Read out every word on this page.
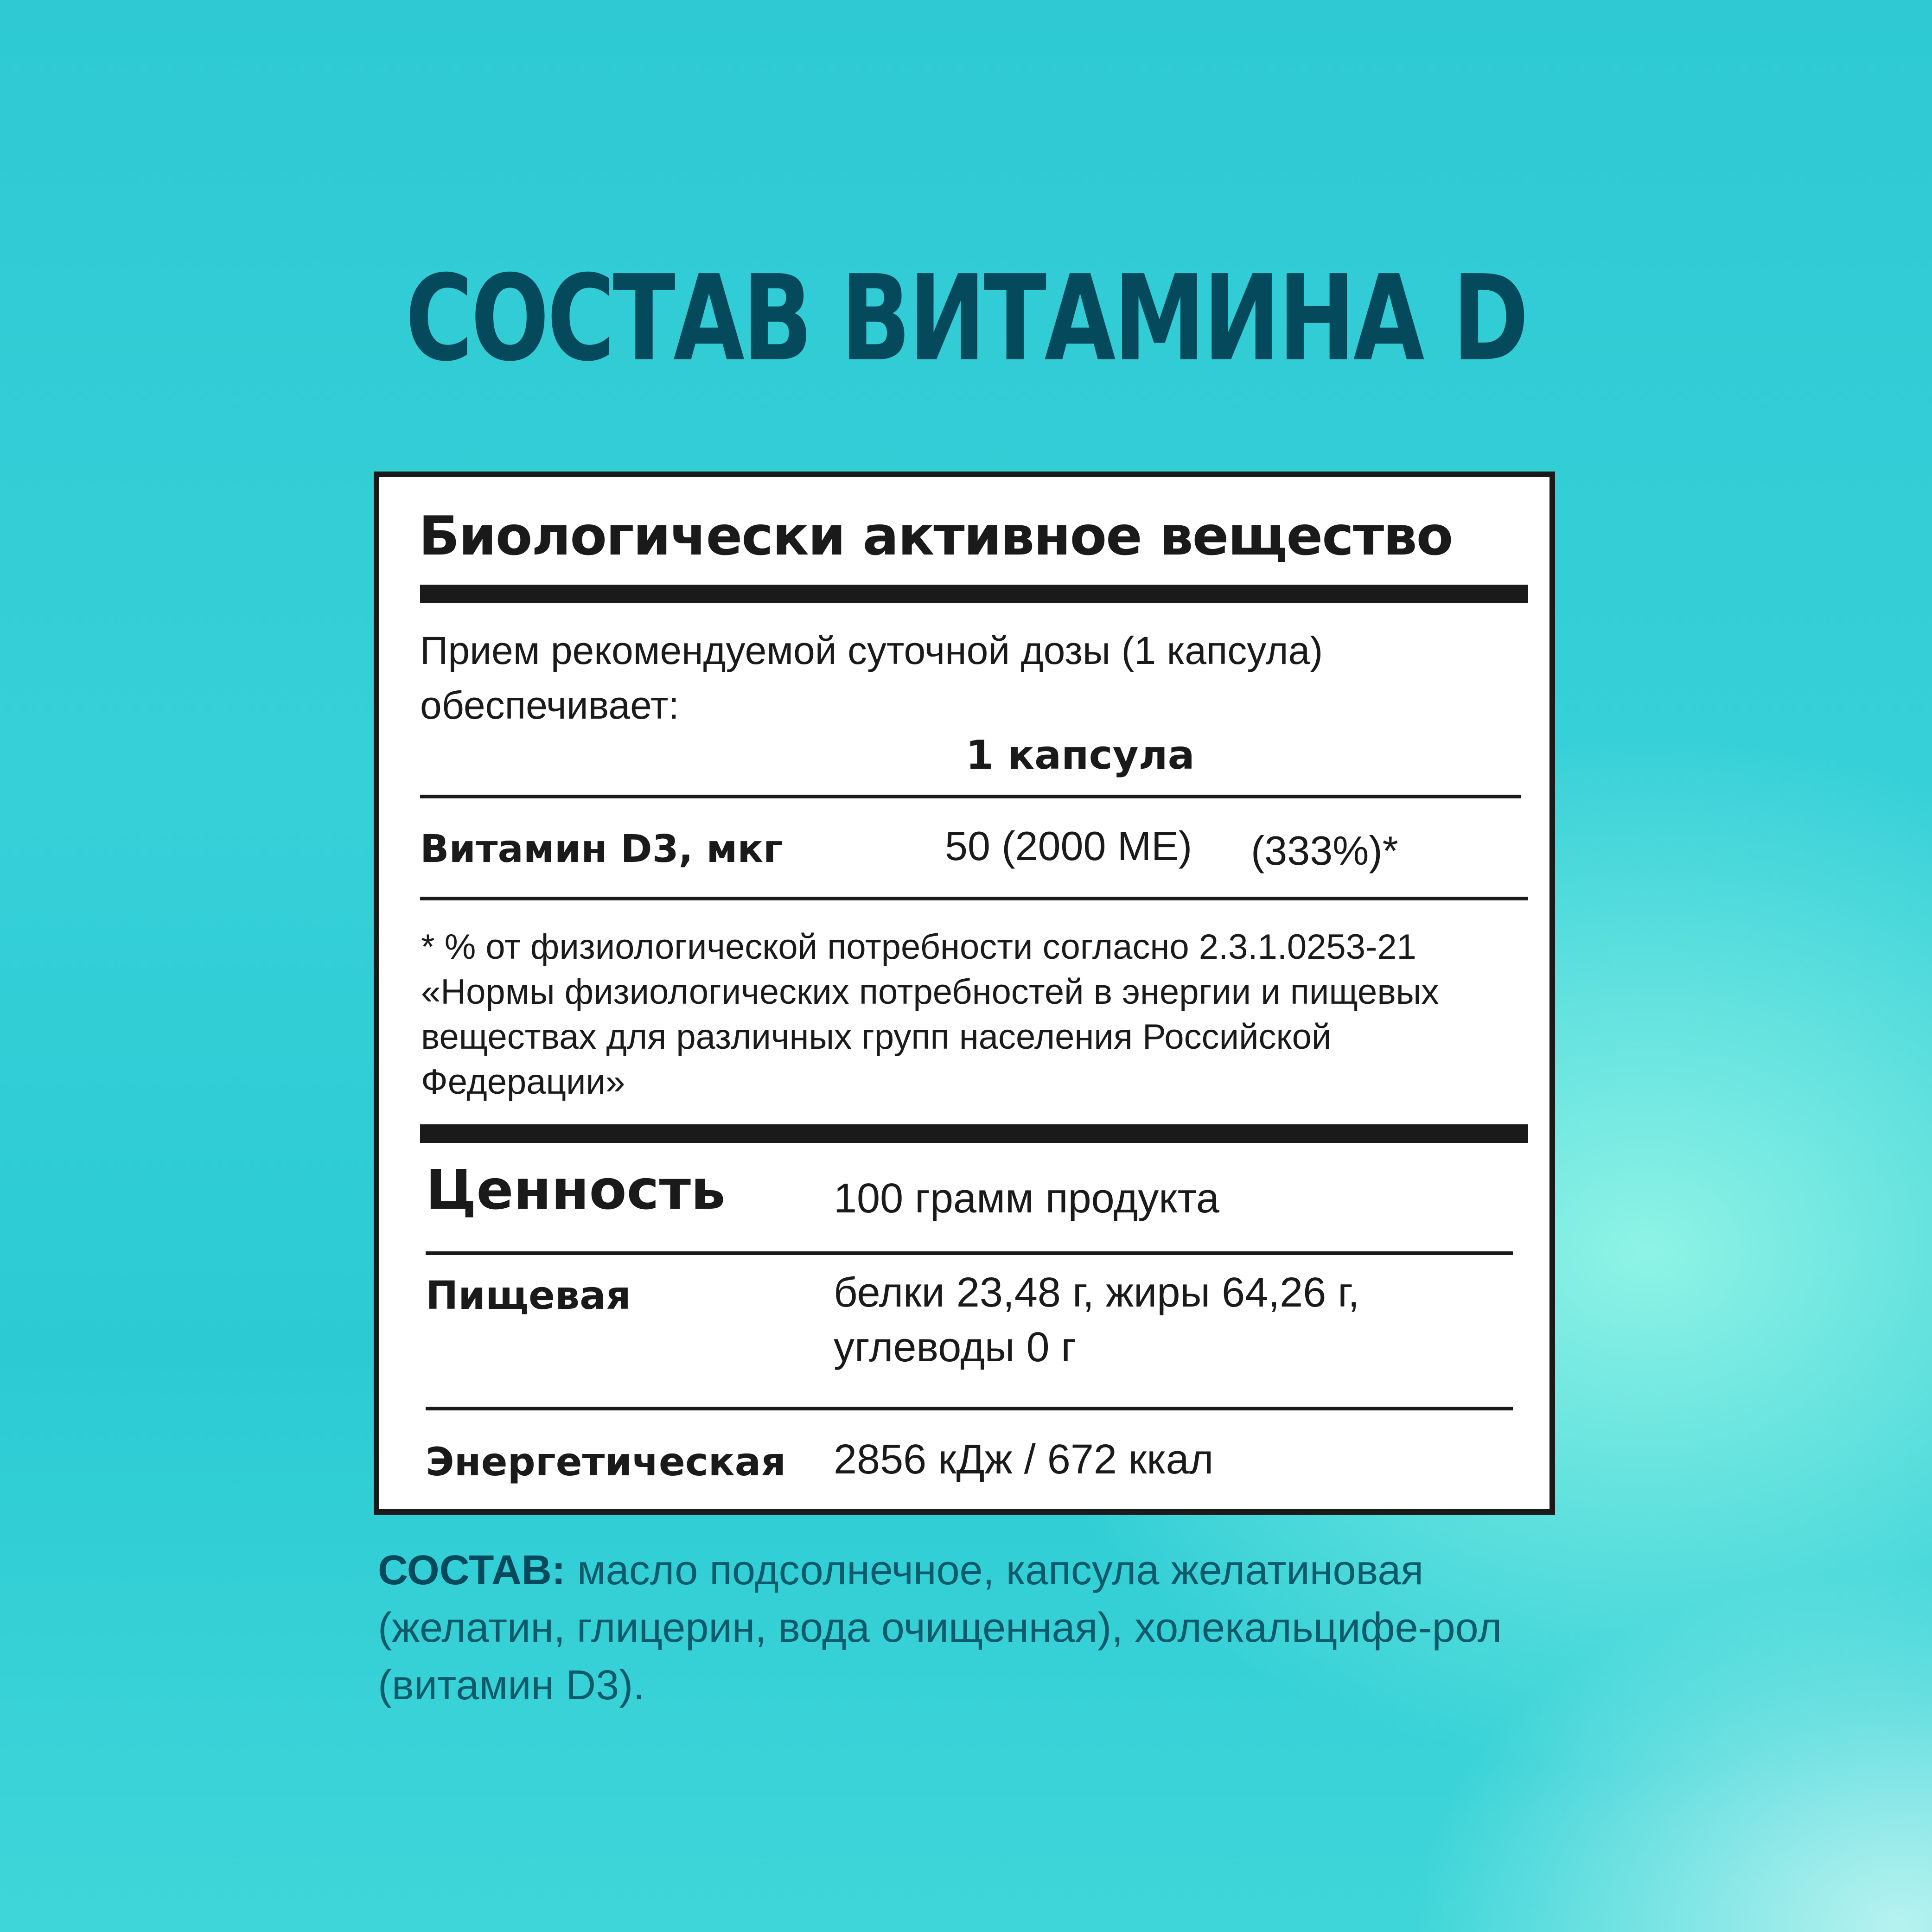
СОСТАВ ВИТАМИНА D
Биологически активное вещество
Прием рекомендуемой суточной дозы (1 капсула) обеспечивает:
1 капсула
Витамин D3, мкг	50 (2000 МЕ) (333%)*
* % от физиологической потребности согласно 2.3.1.0253-21 «Нормы физиологических потребностей в энергии и пищевых веществах для различных групп населения Российской Федерации»
Ценность	100 грамм продукта
Пищевая	белки 23,48 г, жиры 64,26 г, углеводы 0 г
Энергетическая 2856 кДж / 672 ккал
СОСТАВ: масло подсолнечное, капсула желатиновая (желатин, глицерин, вода очищенная), холекальцифе-рол (витамин D3).
